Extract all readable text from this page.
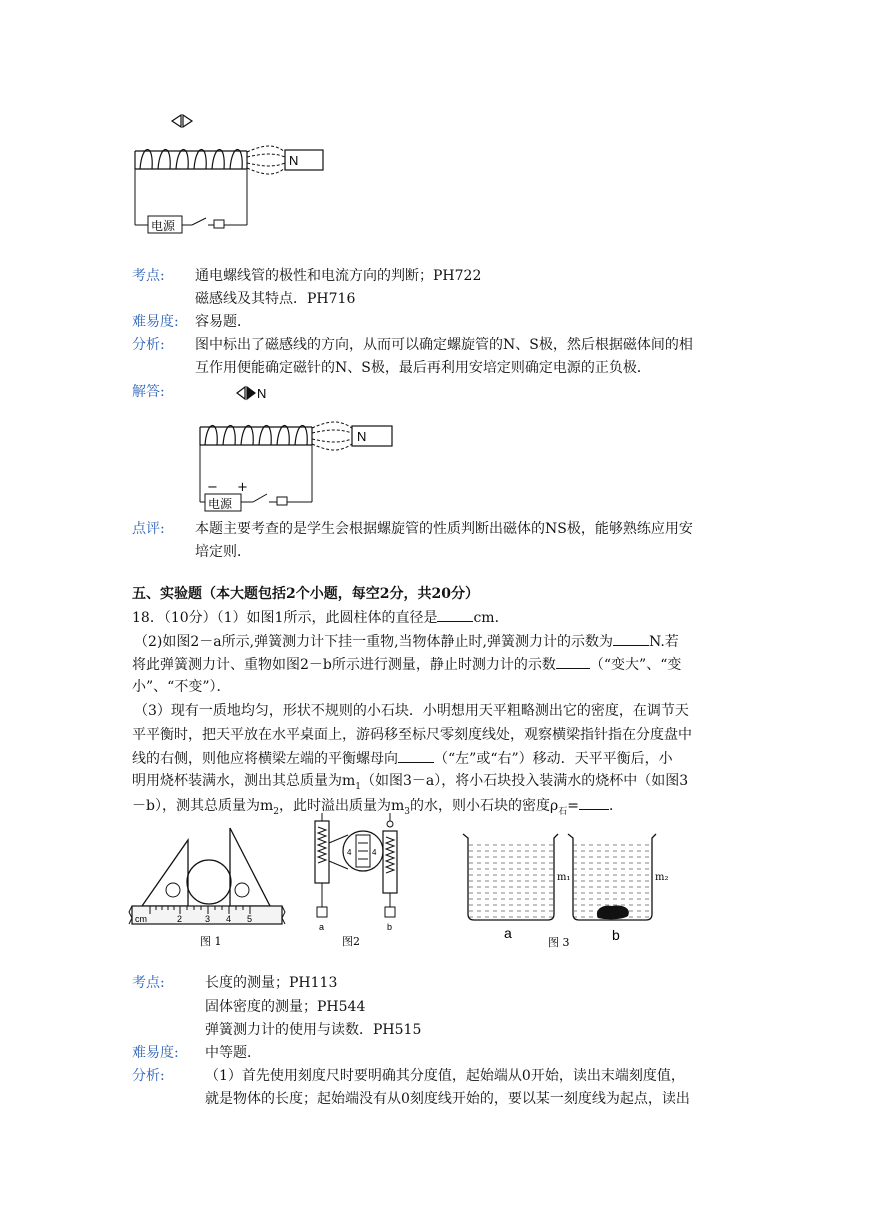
N
电源
考点: 通电螺线管的极性和电流方向的判断；PH722
磁感线及其特点．PH716
难易度: 容易题．
分析: 图中标出了磁感线的方向，从而可以确定螺旋管的N、S极，然后根据磁体间的相
互作用便能确定磁针的N、S极，最后再利用安培定则确定电源的正负极．
解答:	N
N
− +
电源
点评: 本题主要考查的是学生会根据螺旋管的性质判断出磁体的NS极，能够熟练应用安
培定则．
五、实验题（本大题包括2个小题，每空2分，共20分）
18．（10分）（1）如图1所示，此圆柱体的直径是	cm．
（2)如图2－a所示,弹簧测力计下挂一重物,当物体静止时,弹簧测力计的示数为	N.若
将此弹簧测力计、重物如图2－b所示进行测量，静止时测力计的示数 （“变大”、“变
小”、“不变”）．
（3）现有一质地均匀，形状不规则的小石块．小明想用天平粗略测出它的密度，在调节天
平平衡时，把天平放在水平桌面上，游码移至标尺零刻度线处，观察横梁指针指在分度盘中
线的右侧，则他应将横梁左端的平衡螺母向	（“左”或“右”）移动．天平平衡后，小
明用烧杯装满水，测出其总质量为$m_1$（如图3－a），将小石块投入装满水的烧杯中（如图3
－b），测其总质量为$m_2$，此时溢出质量为$m_3$的水，则小石块的密度$\rho_石=$ ．
cm	2	3 4 5
图 1
a
4	4
b
图2
m₁
a
m₂
b
图 3
考点:	长度的测量；PH113
固体密度的测量；PH544
弹簧测力计的使用与读数．PH515
难易度: 中等题．
分析:	（1）首先使用刻度尺时要明确其分度值，起始端从0开始，读出末端刻度值，
就是物体的长度；起始端没有从0刻度线开始的，要以某一刻度线为起点，读出
